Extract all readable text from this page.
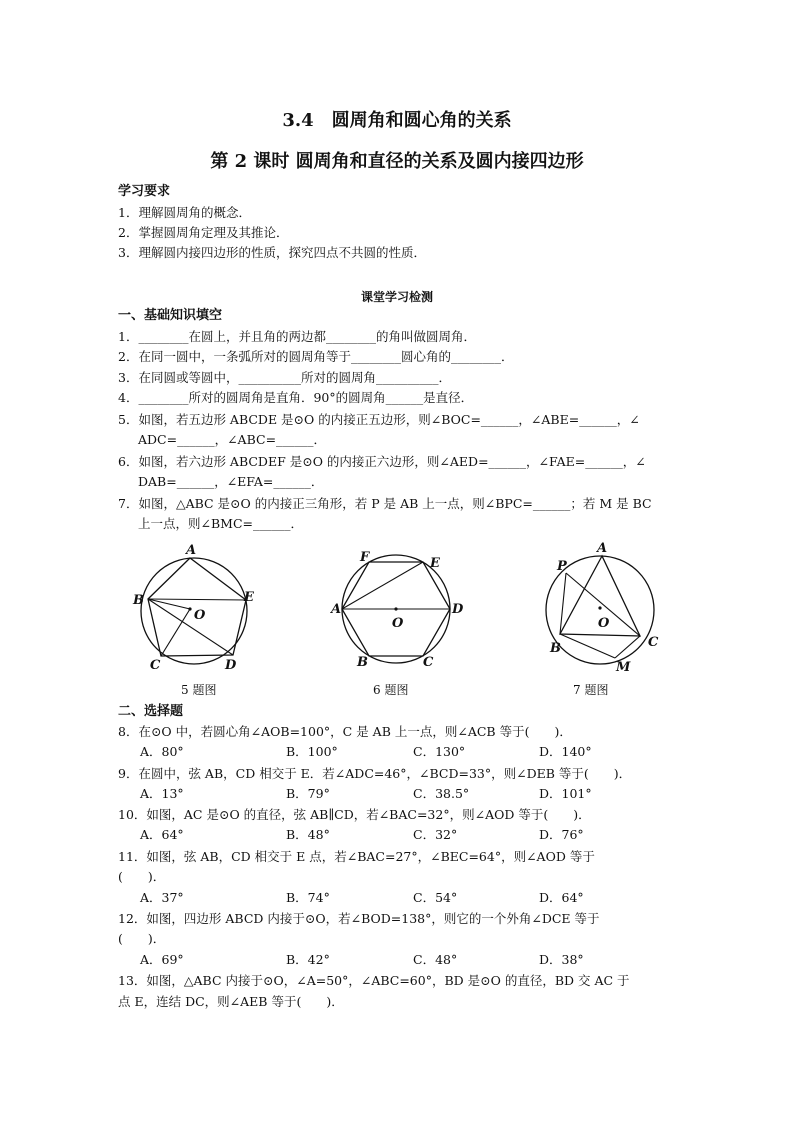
3.4　圆周角和圆心角的关系
第 2 课时 圆周角和直径的关系及圆内接四边形
学习要求
1．理解圆周角的概念．
2．掌握圆周角定理及其推论．
3．理解圆内接四边形的性质，探究四点不共圆的性质．
课堂学习检测
一、基础知识填空
1．________在圆上，并且角的两边都________的角叫做圆周角．
2．在同一圆中，一条弧所对的圆周角等于________圆心角的________．
3．在同圆或等圆中，__________所对的圆周角__________．
4．________所对的圆周角是直角．90°的圆周角______是直径．
5．如图，若五边形 ABCDE 是⊙O 的内接正五边形，则∠BOC=______，∠ABE=______，∠
ADC=______，∠ABC=______．
6．如图，若六边形 ABCDEF 是⊙O 的内接正六边形，则∠AED=______，∠FAE=______，∠
DAB=______，∠EFA=______．
7．如图，△ABC 是⊙O 的内接正三角形，若 P 是 AB 上一点，则∠BPC=______；若 M 是 BC
上一点，则∠BMC=______．
A
B
C	D
E
O
5 题图
A
B	C
D
E
F
O
6 题图
A
B	C
P
M
O
7 题图
二、选择题
8．在⊙O 中，若圆心角∠AOB=100°，C 是 AB 上一点，则∠ACB 等于(　　)．
A．80°	B．100°	C．130°	D．140°
9．在圆中，弦 AB，CD 相交于 E．若∠ADC=46°，∠BCD=33°，则∠DEB 等于(　　)．
A．13°	B．79°	C．38.5°	D．101°
10．如图，AC 是⊙O 的直径，弦 AB∥CD，若∠BAC=32°，则∠AOD 等于(　　)．
A．64°	B．48°	C．32°	D．76°
11．如图，弦 AB，CD 相交于 E 点，若∠BAC=27°，∠BEC=64°，则∠AOD 等于
(　　)．
A．37°	B．74°	C．54°	D．64°
12．如图，四边形 ABCD 内接于⊙O，若∠BOD=138°，则它的一个外角∠DCE 等于
(　　)．
A．69°	B．42°	C．48°	D．38°
13．如图，△ABC 内接于⊙O，∠A=50°，∠ABC=60°，BD 是⊙O 的直径，BD 交 AC 于
点 E，连结 DC，则∠AEB 等于(　　)．
